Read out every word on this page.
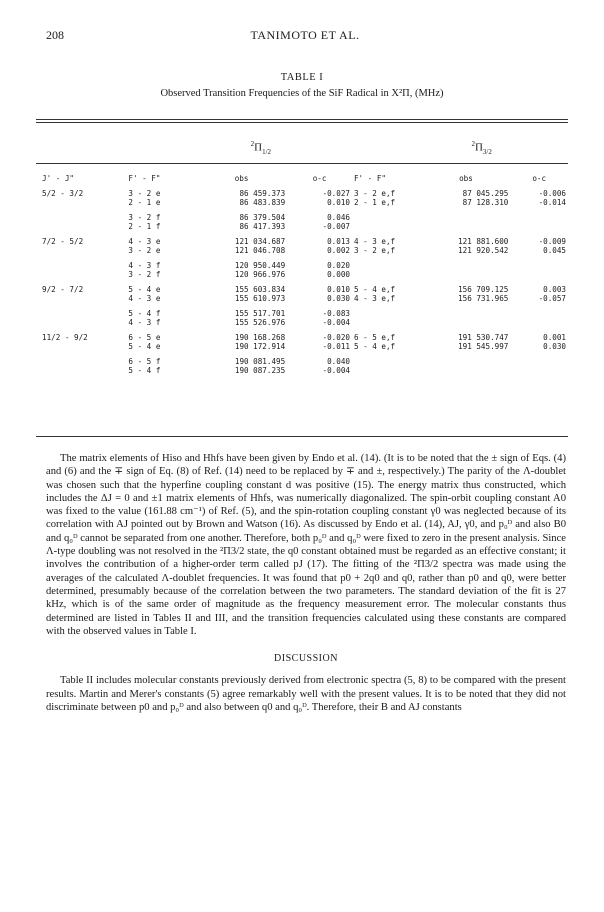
208	TANIMOTO ET AL.
TABLE I
Observed Transition Frequencies of the SiF Radical in X²Π, (MHz)

$^2\Pi_{1/2}$			$^2\Pi_{3/2}$

J' - J"	F' - F"	obs	o-c	F' - F"	obs	o-c
5/2 - 3/2	3 - 2 e	86 459.373	-0.027	3 - 2 e,f	87 045.295	-0.006
	2 - 1 e	86 483.839	0.010	2 - 1 e,f	87 128.310	-0.014

	3 - 2 f	86 379.504	0.046			
	2 - 1 f	86 417.393	-0.007			

7/2 - 5/2	4 - 3 e	121 034.687	0.013	4 - 3 e,f	121 881.600	-0.009
	3 - 2 e	121 046.708	0.002	3 - 2 e,f	121 920.542	0.045

	4 - 3 f	120 950.449	0.020			
	3 - 2 f	120 966.976	0.000			

9/2 - 7/2	5 - 4 e	155 603.834	0.010	5 - 4 e,f	156 709.125	0.003
	4 - 3 e	155 610.973	0.030	4 - 3 e,f	156 731.965	-0.057

	5 - 4 f	155 517.701	-0.083			
	4 - 3 f	155 526.976	-0.004			

11/2 - 9/2	6 - 5 e	190 168.268	-0.020	6 - 5 e,f	191 530.747	0.001
	5 - 4 e	190 172.914	-0.011	5 - 4 e,f	191 545.997	0.030

	6 - 5 f	190 081.495	0.040			
	5 - 4 f	190 087.235	-0.004			

The matrix elements of Hiso and Hhfs have been given by Endo et al. (14). (It is to be noted that the ± sign of Eqs. (4) and (6) and the ∓ sign of Eq. (8) of Ref. (14) need to be replaced by ∓ and ±, respectively.) The parity of the Λ-doublet was chosen such that the hyperfine coupling constant d was positive (15). The energy matrix thus constructed, which includes the ΔJ = 0 and ±1 matrix elements of Hhfs, was numerically diagonalized. The spin-orbit coupling constant A0 was fixed to the value (161.88 cm⁻¹) of Ref. (5), and the spin-rotation coupling constant γ0 was neglected because of its correlation with AJ pointed out by Brown and Watson (16). As discussed by Endo et al. (14), AJ, γ0, and p₀ᴰ and also B0 and q₀ᴰ cannot be separated from one another. Therefore, both p₀ᴰ and q₀ᴰ were fixed to zero in the present analysis. Since Λ-type doubling was not resolved in the ²Π3/2 state, the q0 constant obtained must be regarded as an effective constant; it involves the contribution of a higher-order term called pJ (17). The fitting of the ²Π3/2 spectra was made using the averages of the calculated Λ-doublet frequencies. It was found that p0 + 2q0 and q0, rather than p0 and q0, were better determined, presumably because of the correlation between the two parameters. The standard deviation of the fit is 27 kHz, which is of the same order of magnitude as the frequency measurement error. The molecular constants thus determined are listed in Tables II and III, and the transition frequencies calculated using these constants are compared with the observed values in Table I.

DISCUSSION

Table II includes molecular constants previously derived from electronic spectra (5, 8) to be compared with the present results. Martin and Merer's constants (5) agree remarkably well with the present values. It is to be noted that they did not discriminate between p0 and p₀ᴰ and also between q0 and q₀ᴰ. Therefore, their B and AJ constants
